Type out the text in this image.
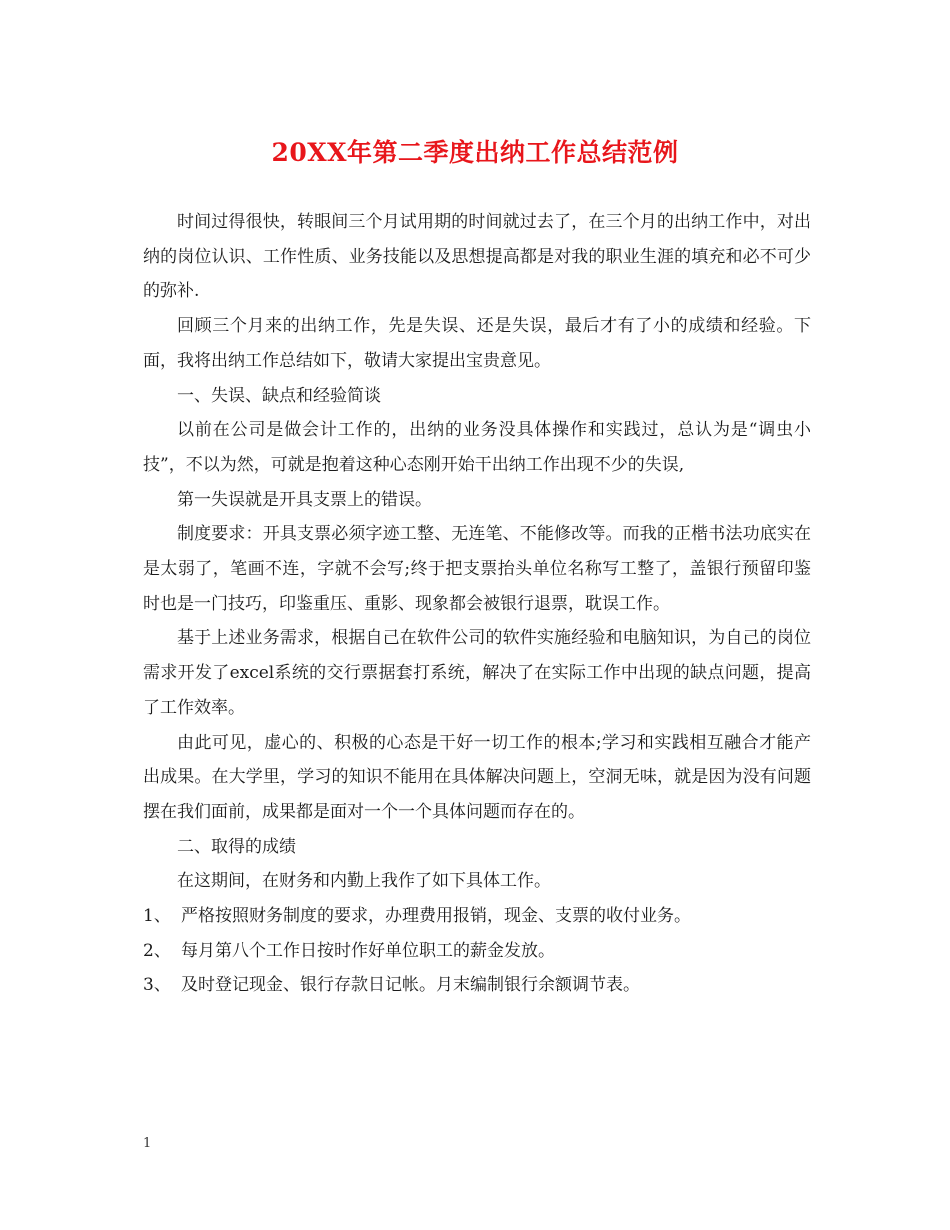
20XX年第二季度出纳工作总结范例

时间过得很快，转眼间三个月试用期的时间就过去了，在三个月的出纳工作中，对出纳的岗位认识、工作性质、业务技能以及思想提高都是对我的职业生涯的填充和必不可少的弥补.

回顾三个月来的出纳工作，先是失误、还是失误，最后才有了小的成绩和经验。下面，我将出纳工作总结如下，敬请大家提出宝贵意见。

一、失误、缺点和经验简谈

以前在公司是做会计工作的，出纳的业务没具体操作和实践过，总认为是“调虫小技”，不以为然，可就是抱着这种心态刚开始干出纳工作出现不少的失误,

第一失误就是开具支票上的错误。

制度要求：开具支票必须字迹工整、无连笔、不能修改等。而我的正楷书法功底实在是太弱了，笔画不连，字就不会写;终于把支票抬头单位名称写工整了，盖银行预留印鉴时也是一门技巧，印鉴重压、重影、现象都会被银行退票，耽误工作。

基于上述业务需求，根据自己在软件公司的软件实施经验和电脑知识，为自己的岗位需求开发了excel系统的交行票据套打系统，解决了在实际工作中出现的缺点问题，提高了工作效率。

由此可见，虚心的、积极的心态是干好一切工作的根本;学习和实践相互融合才能产出成果。在大学里，学习的知识不能用在具体解决问题上，空洞无味，就是因为没有问题摆在我们面前，成果都是面对一个一个具体问题而存在的。

二、取得的成绩

在这期间，在财务和内勤上我作了如下具体工作。

1、 严格按照财务制度的要求，办理费用报销，现金、支票的收付业务。

2、 每月第八个工作日按时作好单位职工的薪金发放。

3、 及时登记现金、银行存款日记帐。月末编制银行余额调节表。

1
